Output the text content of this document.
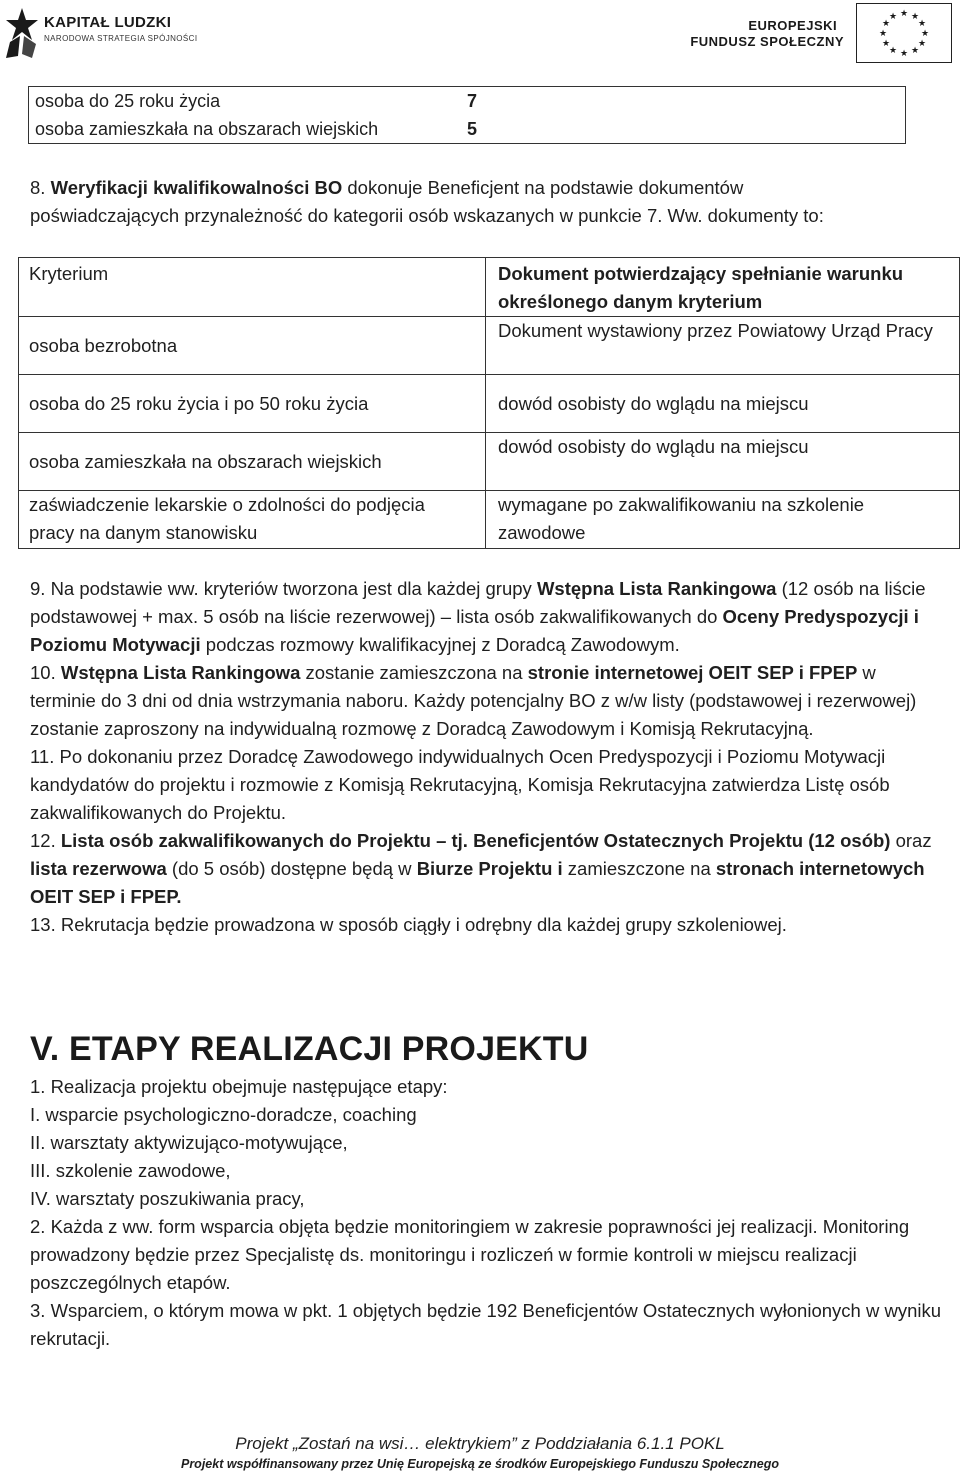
KAPITAŁ LUDZKI
NARODOWA STRATEGIA SPÓJNOŚCI
EUROPEJSKI
FUNDUSZ SPOŁECZNY
★ ★
★
★
★
★
★
★
★
★
★
★
osoba do 25 roku życia	7
osoba zamieszkała na obszarach wiejskich	5
8. Weryfikacji kwalifikowalności BO dokonuje Beneficjent na podstawie dokumentów
poświadczających przynależność do kategorii osób wskazanych w punkcie 7. Ww. dokumenty to:
Kryterium	Dokument potwierdzający spełnianie warunku określonego danym kryterium

osoba bezrobotna	Dokument wystawiony przez Powiatowy Urząd Pracy

osoba do 25 roku życia i po 50 roku życia	dowód osobisty do wglądu na miejscu

osoba zamieszkała na obszarach wiejskich	dowód osobisty do wglądu na miejscu

zaświadczenie lekarskie o zdolności do podjęcia pracy na danym stanowisku	wymagane po zakwalifikowaniu na szkolenie zawodowe
9. Na podstawie ww. kryteriów tworzona jest dla każdej grupy Wstępna Lista Rankingowa (12 osób na liście podstawowej + max. 5 osób na liście rezerwowej) – lista osób zakwalifikowanych do Oceny Predyspozycji i Poziomu Motywacji podczas rozmowy kwalifikacyjnej z Doradcą Zawodowym.
10. Wstępna Lista Rankingowa zostanie zamieszczona na stronie internetowej OEIT SEP i FPEP w terminie do 3 dni od dnia wstrzymania naboru. Każdy potencjalny BO z w/w listy (podstawowej i rezerwowej) zostanie zaproszony na indywidualną rozmowę z Doradcą Zawodowym i Komisją Rekrutacyjną.
11. Po dokonaniu przez Doradcę Zawodowego indywidualnych Ocen Predyspozycji i Poziomu Motywacji kandydatów do projektu i rozmowie z Komisją Rekrutacyjną, Komisja Rekrutacyjna zatwierdza Listę osób zakwalifikowanych do Projektu.
12. Lista osób zakwalifikowanych do Projektu – tj. Beneficjentów Ostatecznych Projektu (12 osób) oraz lista rezerwowa (do 5 osób) dostępne będą w Biurze Projektu i zamieszczone na stronach internetowych OEIT SEP i FPEP.
13. Rekrutacja będzie prowadzona w sposób ciągły i odrębny dla każdej grupy szkoleniowej.
V. ETAPY REALIZACJI PROJEKTU
1. Realizacja projektu obejmuje następujące etapy:
I. wsparcie psychologiczno-doradcze, coaching
II. warsztaty aktywizująco-motywujące,
III. szkolenie zawodowe,
IV. warsztaty poszukiwania pracy,
2. Każda z ww. form wsparcia objęta będzie monitoringiem w zakresie poprawności jej realizacji. Monitoring prowadzony będzie przez Specjalistę ds. monitoringu i rozliczeń w formie kontroli w miejscu realizacji poszczególnych etapów.
3. Wsparciem, o którym mowa w pkt. 1 objętych będzie 192 Beneficjentów Ostatecznych wyłonionych w wyniku rekrutacji.
Projekt „Zostań na wsi… elektrykiem” z Poddziałania 6.1.1 POKL
Projekt współfinansowany przez Unię Europejską ze środków Europejskiego Funduszu Społecznego
